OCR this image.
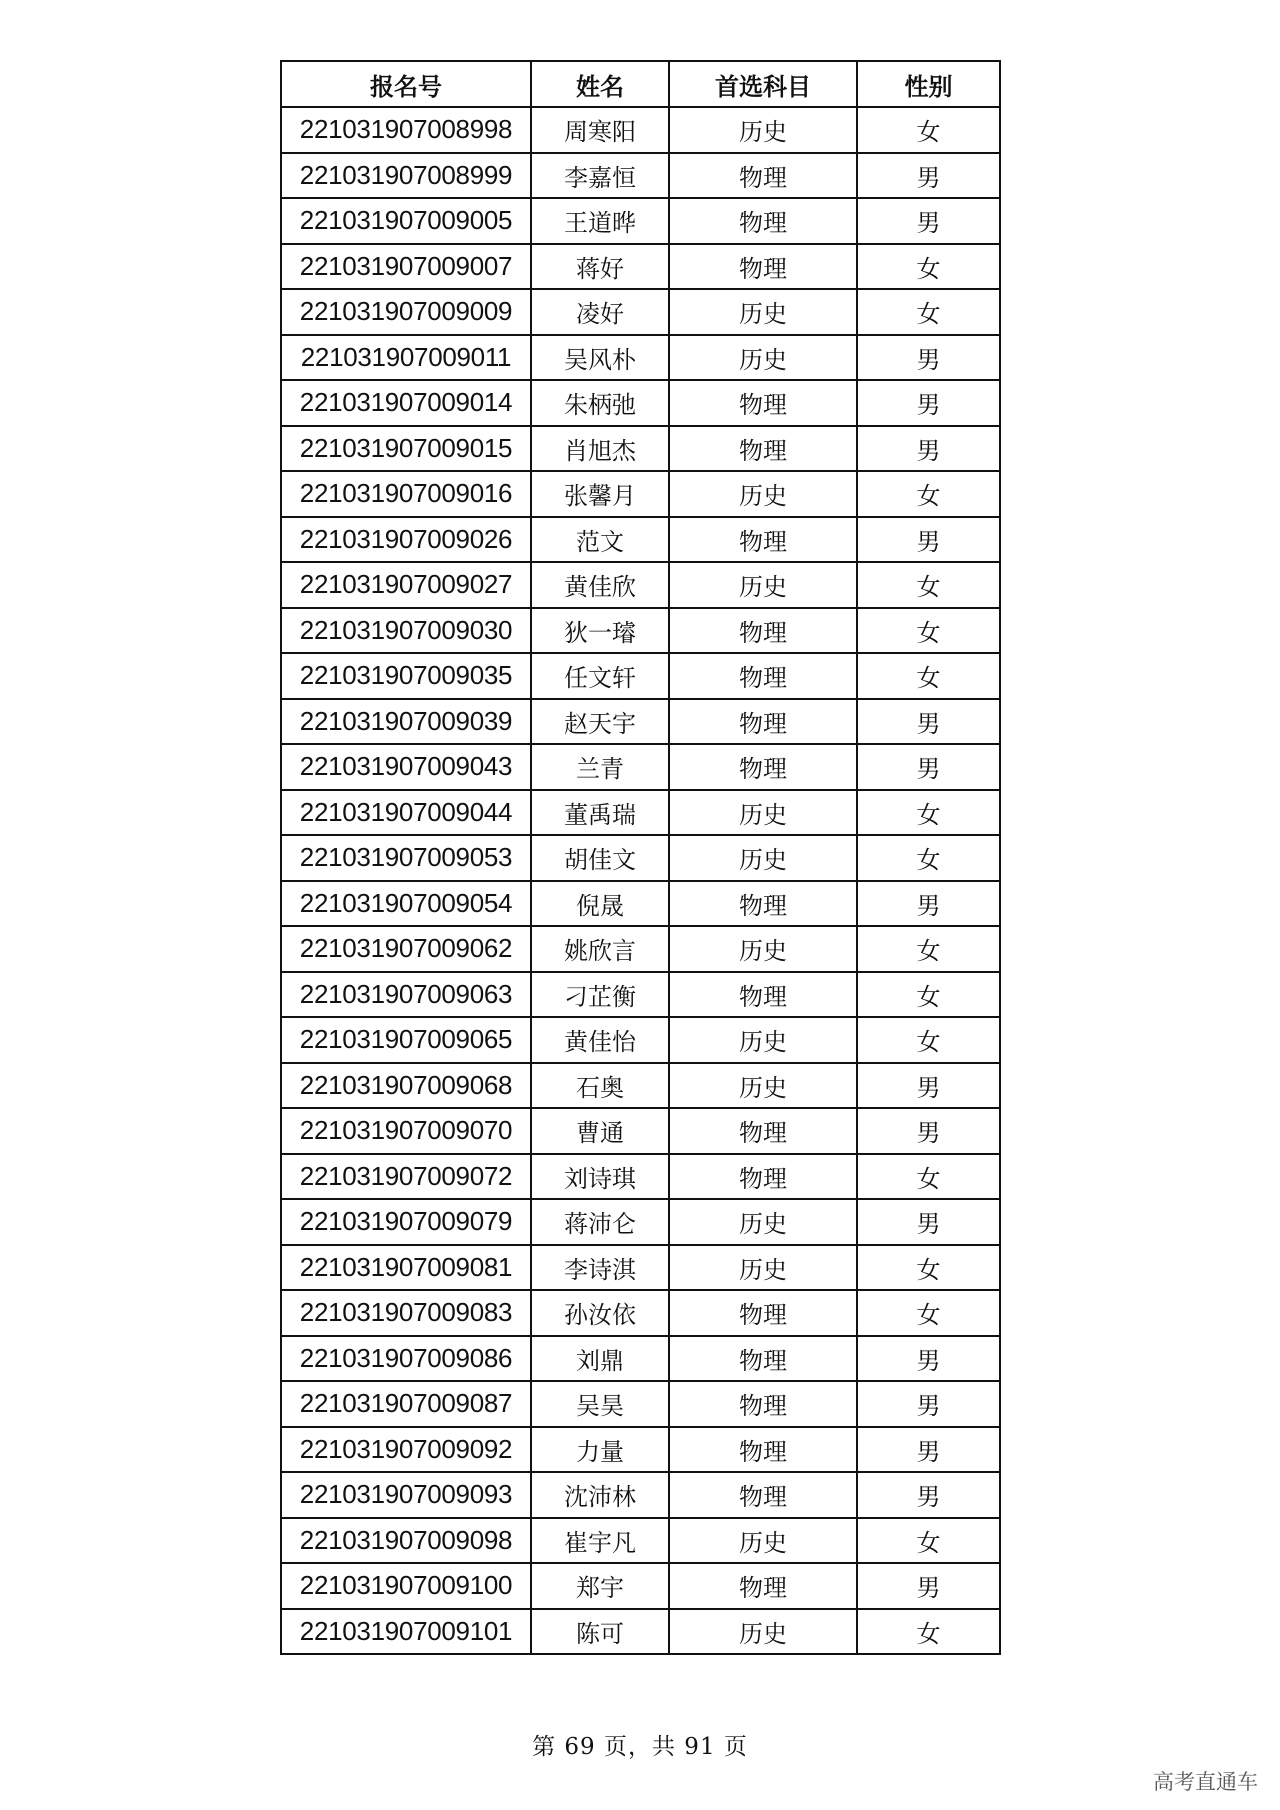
报名号	姓名	首选科目	性别
221031907008998	周寒阳	历史	女
221031907008999	李嘉恒	物理	男
221031907009005	王道晔	物理	男
221031907009007	蒋好	物理	女
221031907009009	凌好	历史	女
221031907009011	吴风朴	历史	男
221031907009014	朱柄弛	物理	男
221031907009015	肖旭杰	物理	男
221031907009016	张馨月	历史	女
221031907009026	范文	物理	男
221031907009027	黄佳欣	历史	女
221031907009030	狄一璿	物理	女
221031907009035	任文轩	物理	女
221031907009039	赵天宇	物理	男
221031907009043	兰青	物理	男
221031907009044	董禹瑞	历史	女
221031907009053	胡佳文	历史	女
221031907009054	倪晟	物理	男
221031907009062	姚欣言	历史	女
221031907009063	刁芷衡	物理	女
221031907009065	黄佳怡	历史	女
221031907009068	石奥	历史	男
221031907009070	曹通	物理	男
221031907009072	刘诗琪	物理	女
221031907009079	蒋沛仑	历史	男
221031907009081	李诗淇	历史	女
221031907009083	孙汝依	物理	女
221031907009086	刘鼎	物理	男
221031907009087	吴昊	物理	男
221031907009092	力量	物理	男
221031907009093	沈沛林	物理	男
221031907009098	崔宇凡	历史	女
221031907009100	郑宇	物理	男
221031907009101	陈可	历史	女
第 69 页，共 91 页
高考直通车
